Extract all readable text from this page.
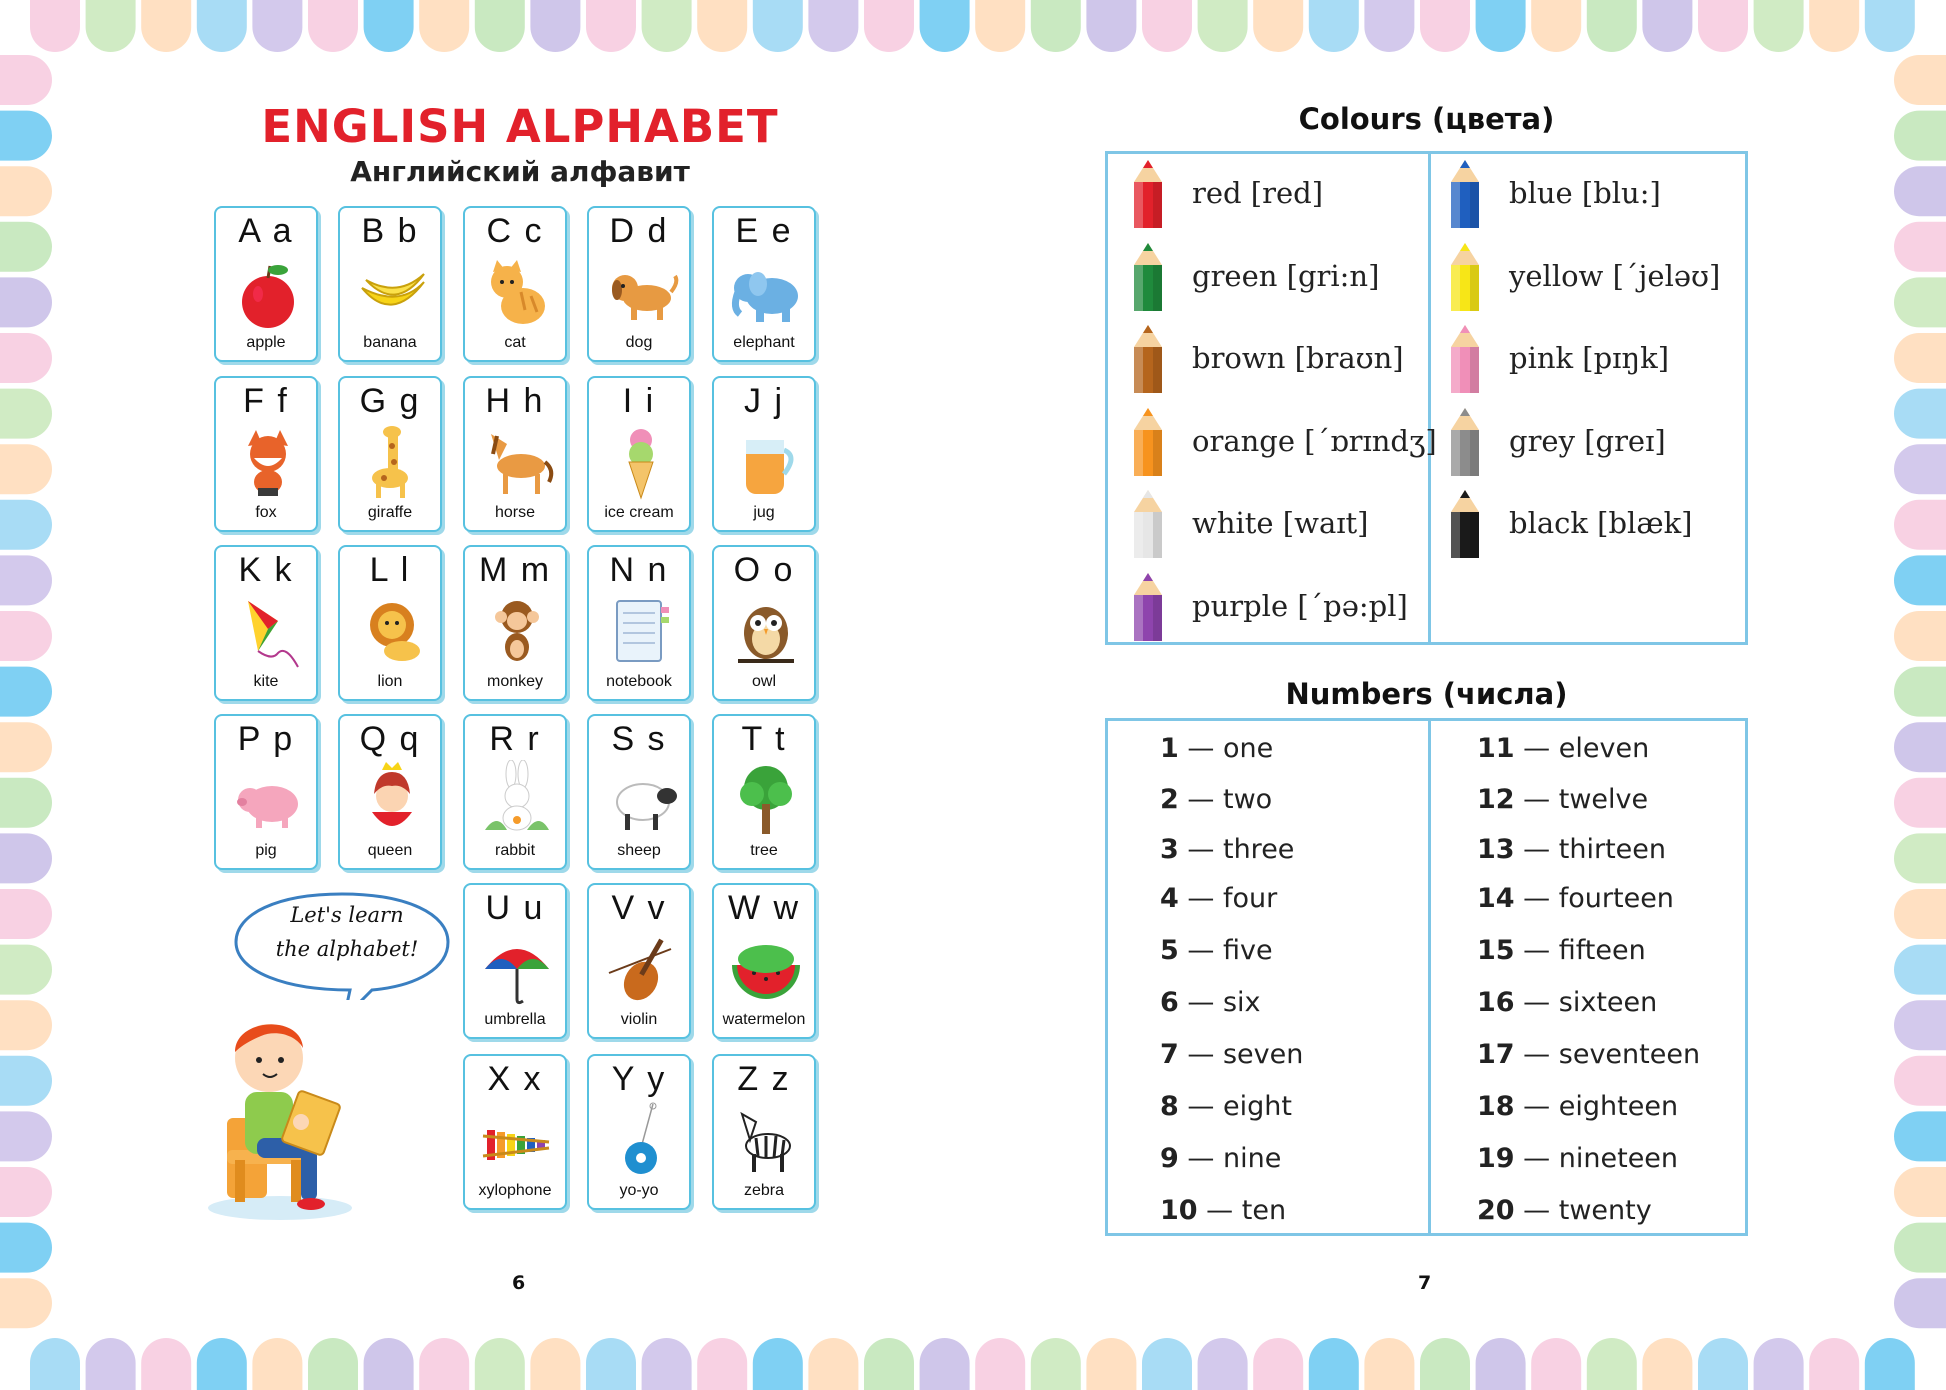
ENGLISH ALPHABET
Английский алфавит
A a
apple
B b
banana
C c
cat
D d
dog
E e
elephant
F f
fox
G g
giraffe
H h
horse
I i
ice cream
J j
jug
K k
kite
L l
lion
M m
monkey
N n
notebook
O o
owl
P p
pig
Q q
queen
R r
rabbit
S s
sheep
T t
tree
U u
umbrella
V v
violin
W w
watermelon
X x
xylophone
Y y
yo-yo
Z z
zebra
Let's learn
the alphabet!
6
Colours (цвета)
red [red]
green [gri:n]
brown [braʊn]
orange [ˊɒrɪndʒ]
white [waɪt]
purple [ˊpə:pl]
blue [blu:]
yellow [ˊjeləʊ]
pink [pɪŋk]
grey [greɪ]
black [blæk]
Numbers (числа)
1 — one
2 — two
3 — three
4 — four
5 — five
6 — six
7 — seven
8 — eight
9 — nine
10 — ten
11 — eleven
12 — twelve
13 — thirteen
14 — fourteen
15 — fifteen
16 — sixteen
17 — seventeen
18 — eighteen
19 — nineteen
20 — twenty
7
